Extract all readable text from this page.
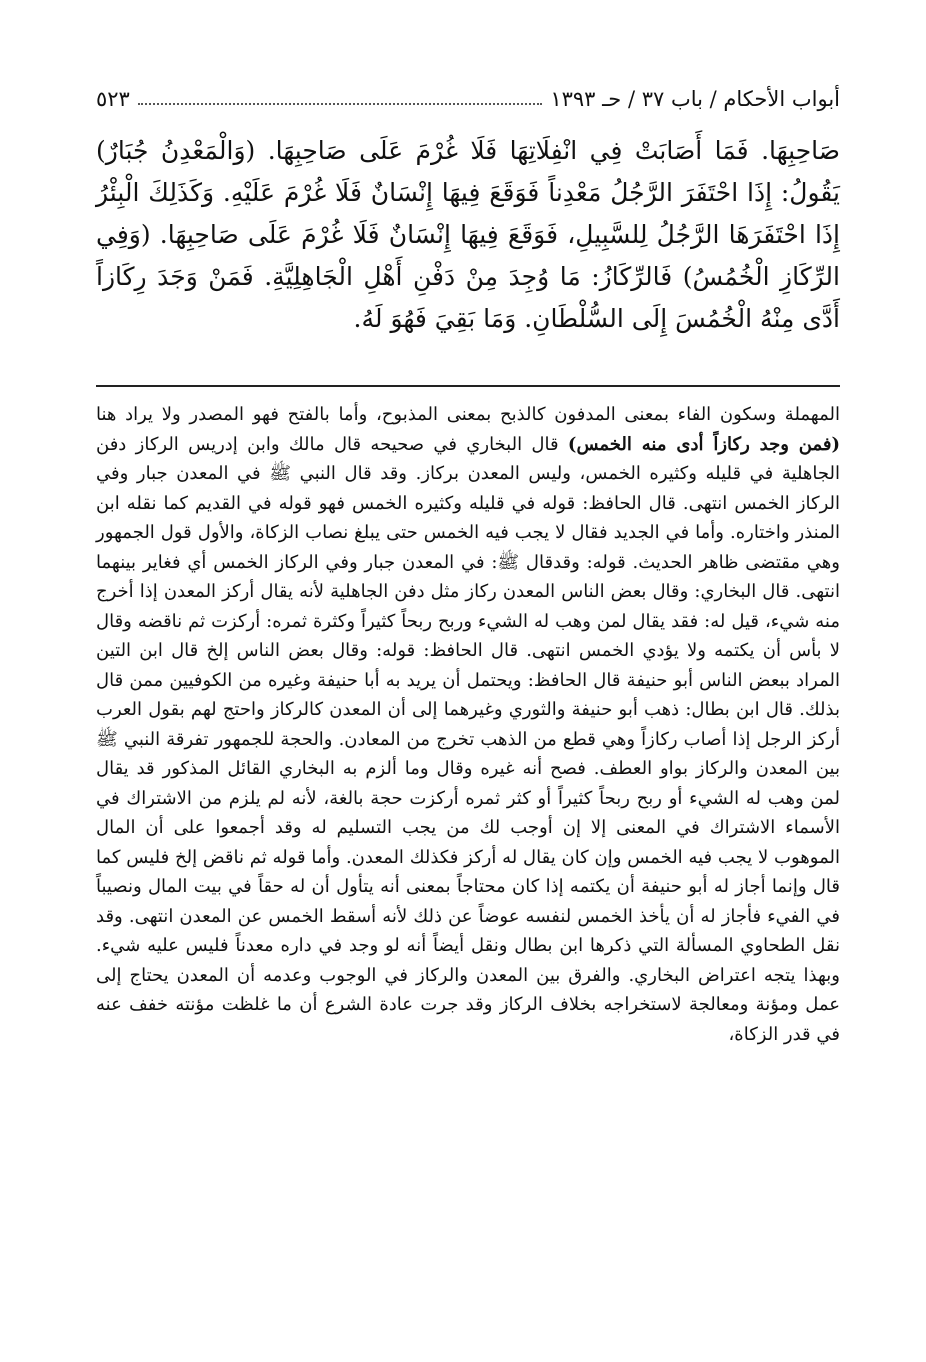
أبواب الأحكام / باب ٣٧ / حـ ١٣٩٣
٥٢٣

صَاحِبِهَا. فَمَا أَصَابَتْ فِي انْفِلَاتِهَا فَلَا غُرْمَ عَلَى صَاحِبِهَا. (وَالْمَعْدِنُ جُبَارٌ) يَقُولُ: إِذَا احْتَفَرَ الرَّجُلُ مَعْدِناً فَوَقَعَ فِيهَا إِنْسَانٌ فَلَا غُرْمَ عَلَيْهِ. وَكَذَلِكَ الْبِئْرُ إِذَا احْتَفَرَهَا الرَّجُلُ لِلسَّبِيلِ، فَوَقَعَ فِيهَا إِنْسَانٌ فَلَا غُرْمَ عَلَى صَاحِبِهَا. (وَفِي الرِّكَازِ الْخُمُسُ) فَالرِّكَازُ: مَا وُجِدَ مِنْ دَفْنِ أَهْلِ الْجَاهِلِيَّةِ. فَمَنْ وَجَدَ رِكَازاً أَدَّى مِنْهُ الْخُمُسَ إِلَى السُّلْطَانِ. وَمَا بَقِيَ فَهُوَ لَهُ.

المهملة وسكون الفاء بمعنى المدفون كالذبح بمعنى المذبوح، وأما بالفتح فهو المصدر ولا يراد هنا (فمن وجد ركازاً أدى منه الخمس) قال البخاري في صحيحه قال مالك وابن إدريس الركاز دفن الجاهلية في قليله وكثيره الخمس، وليس المعدن بركاز. وقد قال النبي ﷺ في المعدن جبار وفي الركاز الخمس انتهى. قال الحافظ: قوله في قليله وكثيره الخمس فهو قوله في القديم كما نقله ابن المنذر واختاره. وأما في الجديد فقال لا يجب فيه الخمس حتى يبلغ نصاب الزكاة، والأول قول الجمهور وهي مقتضى ظاهر الحديث. قوله: وقدقال ﷺ: في المعدن جبار وفي الركاز الخمس أي فغاير بينهما انتهى. قال البخاري: وقال بعض الناس المعدن ركاز مثل دفن الجاهلية لأنه يقال أركز المعدن إذا أخرج منه شيء، قيل له: فقد يقال لمن وهب له الشيء وربح ربحاً كثيراً وكثرة ثمره: أركزت ثم ناقضه وقال لا بأس أن يكتمه ولا يؤدي الخمس انتهى. قال الحافظ: قوله: وقال بعض الناس إلخ قال ابن التين المراد ببعض الناس أبو حنيفة قال الحافظ: ويحتمل أن يريد به أبا حنيفة وغيره من الكوفيين ممن قال بذلك. قال ابن بطال: ذهب أبو حنيفة والثوري وغيرهما إلى أن المعدن كالركاز واحتج لهم بقول العرب أركز الرجل إذا أصاب ركازاً وهي قطع من الذهب تخرج من المعادن. والحجة للجمهور تفرقة النبي ﷺ بين المعدن والركاز بواو العطف. فصح أنه غيره وقال وما ألزم به البخاري القائل المذكور قد يقال لمن وهب له الشيء أو ربح ربحاً كثيراً أو كثر ثمره أركزت حجة بالغة، لأنه لم يلزم من الاشتراك في الأسماء الاشتراك في المعنى إلا إن أوجب لك من يجب التسليم له وقد أجمعوا على أن المال الموهوب لا يجب فيه الخمس وإن كان يقال له أركز فكذلك المعدن. وأما قوله ثم ناقض إلخ فليس كما قال وإنما أجاز له أبو حنيفة أن يكتمه إذا كان محتاجاً بمعنى أنه يتأول أن له حقاً في بيت المال ونصيباً في الفيء فأجاز له أن يأخذ الخمس لنفسه عوضاً عن ذلك لأنه أسقط الخمس عن المعدن انتهى. وقد نقل الطحاوي المسألة التي ذكرها ابن بطال ونقل أيضاً أنه لو وجد في داره معدناً فليس عليه شيء. وبهذا يتجه اعتراض البخاري. والفرق بين المعدن والركاز في الوجوب وعدمه أن المعدن يحتاج إلى عمل ومؤنة ومعالجة لاستخراجه بخلاف الركاز وقد جرت عادة الشرع أن ما غلظت مؤنته خفف عنه في قدر الزكاة،
